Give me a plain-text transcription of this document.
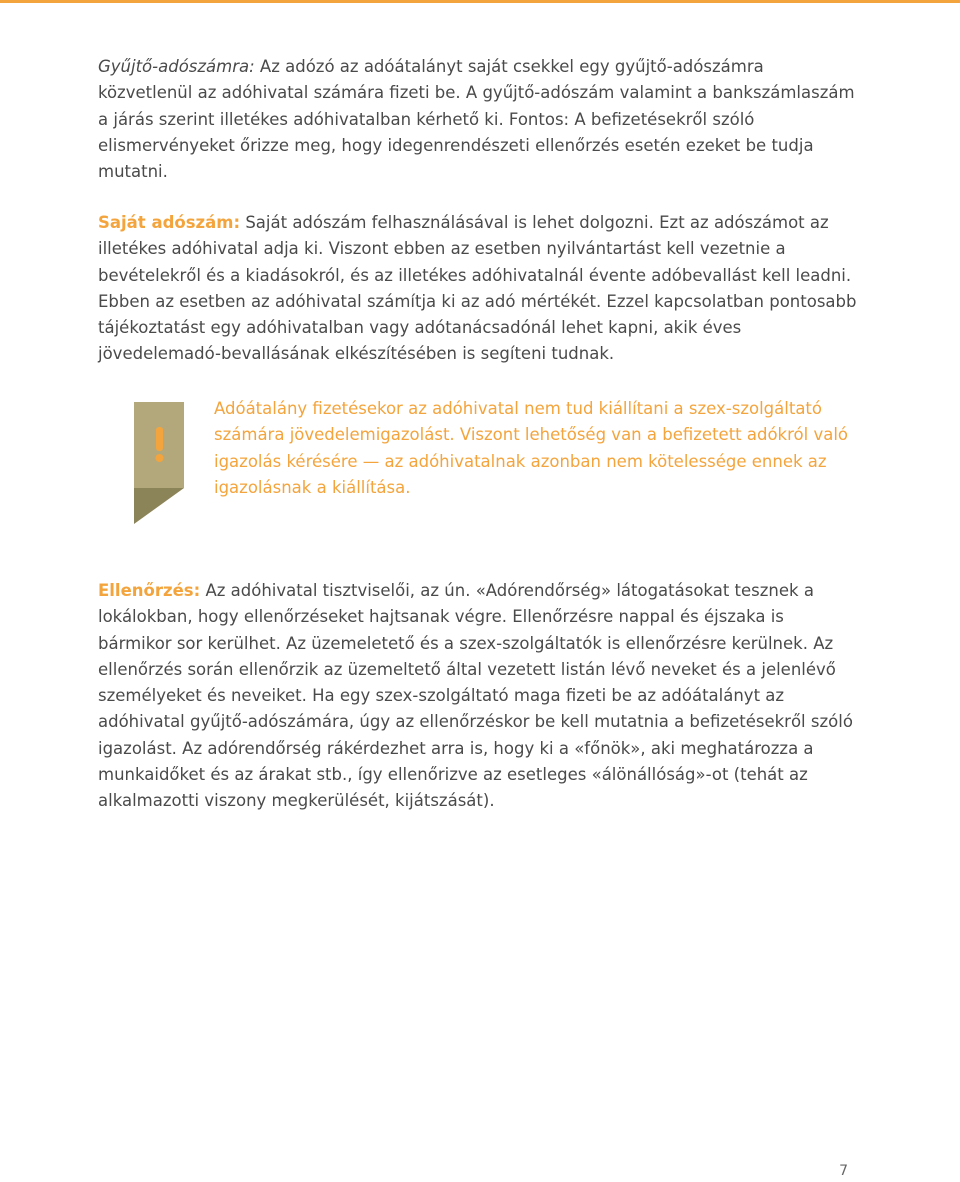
Gyűjtő-adószámra: Az adózó az adóátalányt saját csekkel egy gyűjtő-adószámra közvetlenül az adóhivatal számára fizeti be. A gyűjtő-adószám valamint a bankszámlaszám a járás szerint illetékes adóhivatalban kérhető ki. Fontos: A befizetésekről szóló elismervényeket őrizze meg, hogy idegenrendészeti ellenőrzés esetén ezeket be tudja mutatni.

Saját adószám: Saját adószám felhasználásával is lehet dolgozni. Ezt az adószámot az illetékes adóhivatal adja ki. Viszont ebben az esetben nyilvántartást kell vezetnie a bevételekről és a kiadásokról, és az illetékes adóhivatalnál évente adóbevallást kell leadni. Ebben az esetben az adóhivatal számítja ki az adó mértékét. Ezzel kapcsolatban pontosabb tájékoztatást egy adóhivatalban vagy adótanácsadónál lehet kapni, akik éves jövedelemadó-bevallásának elkészítésében is segíteni tudnak.

Adóátalány fizetésekor az adóhivatal nem tud kiállítani a szex-szolgáltató számára jövedelemigazolást. Viszont lehetőség van a befizetett adókról való igazolás kérésére — az adóhivatalnak azonban nem kötelessége ennek az igazolásnak a kiállítása.

Ellenőrzés: Az adóhivatal tisztviselői, az ún. «Adórendőrség» látogatásokat tesznek a lokálokban, hogy ellenőrzéseket hajtsanak végre. Ellenőrzésre nappal és éjszaka is bármikor sor kerülhet. Az üzemeletető és a szex-szolgáltatók is ellenőrzésre kerülnek. Az ellenőrzés során ellenőrzik az üzemeltető által vezetett listán lévő neveket és a jelenlévő személyeket és neveiket. Ha egy szex-szolgáltató maga fizeti be az adóátalányt az adóhivatal gyűjtő-adószámára, úgy az ellenőrzéskor be kell mutatnia a befizetésekről szóló igazolást. Az adórendőrség rákérdezhet arra is, hogy ki a «főnök», aki meghatározza a munkaidőket és az árakat stb., így ellenőrizve az esetleges «álönállóság»-ot (tehát az alkalmazotti viszony megkerülését, kijátszását).

7
